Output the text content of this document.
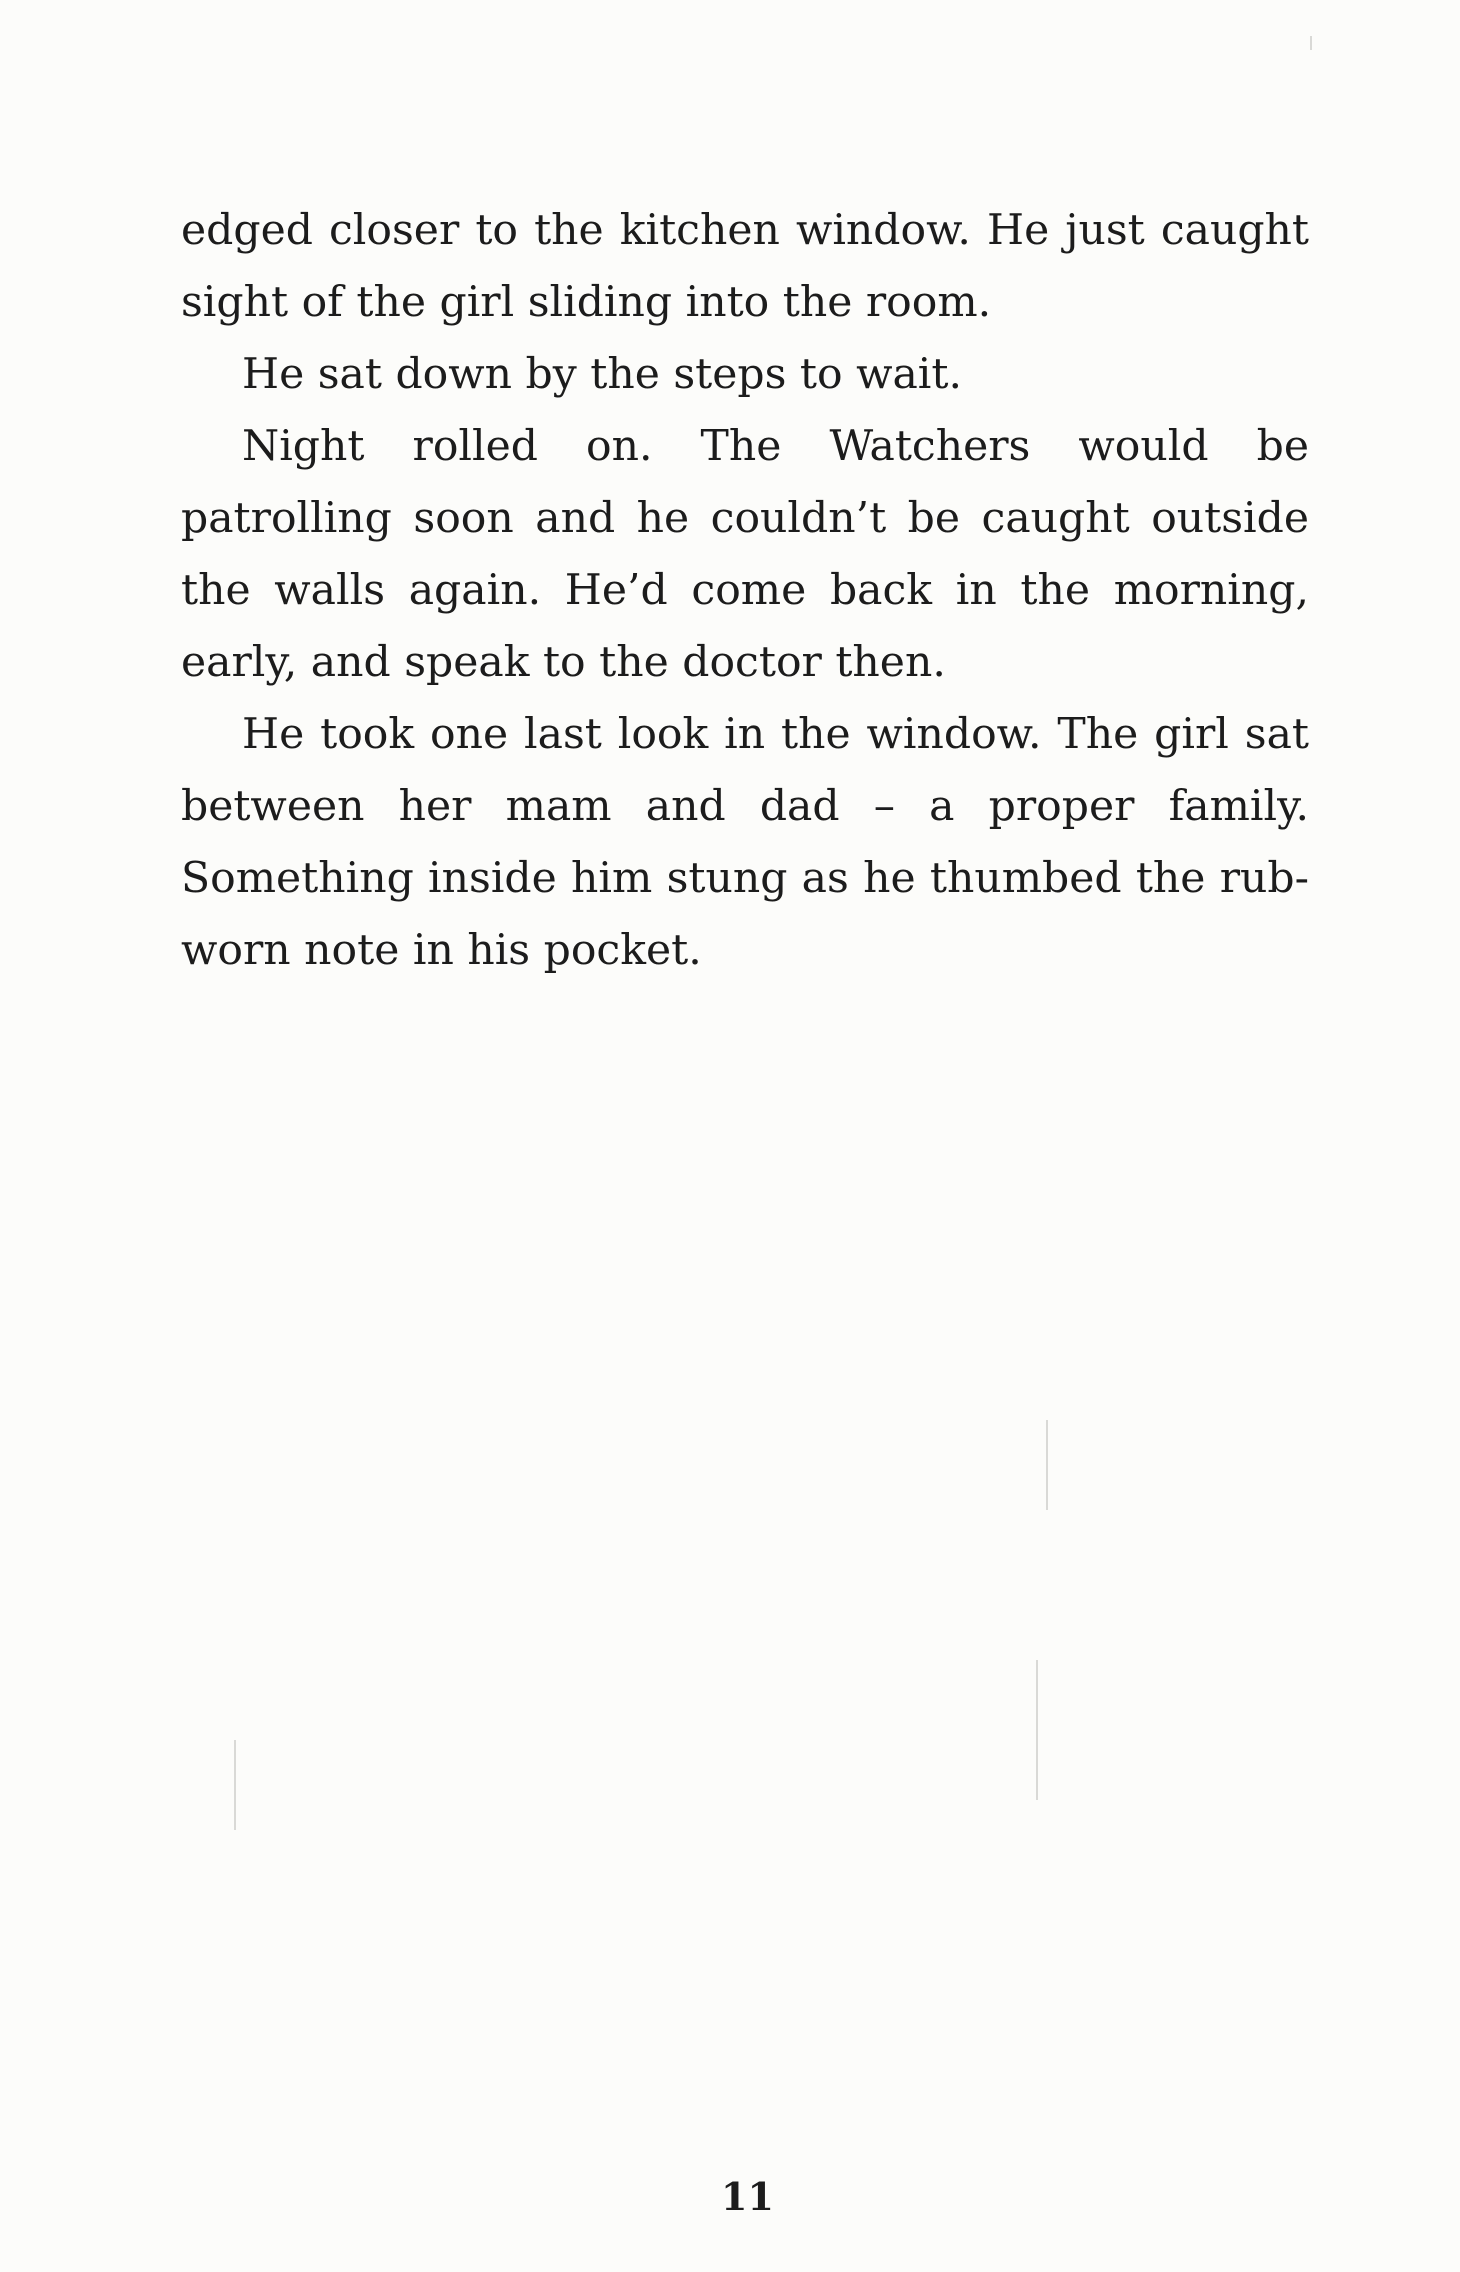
edged closer to the kitchen window. He just caught sight of the girl sliding into the room.

He sat down by the steps to wait.

Night rolled on. The Watchers would be patrolling soon and he couldn’t be caught outside the walls again. He’d come back in the morning, early, and speak to the doctor then.

He took one last look in the window. The girl sat between her mam and dad – a proper family. Something inside him stung as he thumbed the rub-worn note in his pocket.

11
